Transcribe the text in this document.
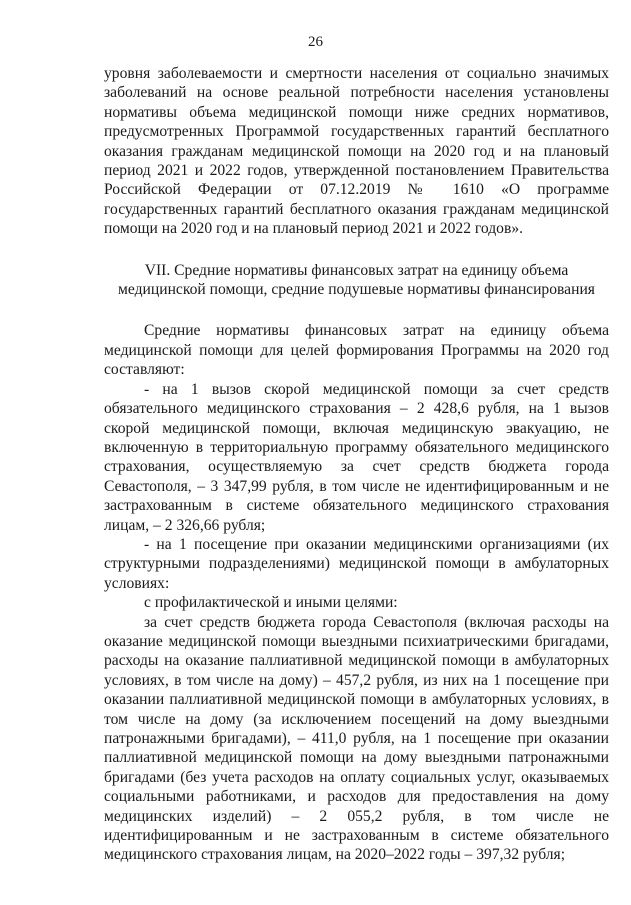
26

уровня заболеваемости и смертности населения от социально значимых заболеваний на основе реальной потребности населения установлены нормативы объема медицинской помощи ниже средних нормативов, предусмотренных Программой государственных гарантий бесплатного оказания гражданам медицинской помощи на 2020 год и на плановый период 2021 и 2022 годов, утвержденной постановлением Правительства Российской Федерации от 07.12.2019 № 1610 «О программе государственных гарантий бесплатного оказания гражданам медицинской помощи на 2020 год и на плановый период 2021 и 2022 годов».

VII. Средние нормативы финансовых затрат на единицу объема медицинской помощи, средние подушевые нормативы финансирования

Средние нормативы финансовых затрат на единицу объема медицинской помощи для целей формирования Программы на 2020 год составляют:

- на 1 вызов скорой медицинской помощи за счет средств обязательного медицинского страхования – 2 428,6 рубля, на 1 вызов скорой медицинской помощи, включая медицинскую эвакуацию, не включенную в территориальную программу обязательного медицинского страхования, осуществляемую за счет средств бюджета города Севастополя, – 3 347,99 рубля, в том числе не идентифицированным и не застрахованным в системе обязательного медицинского страхования лицам, – 2 326,66 рубля;

- на 1 посещение при оказании медицинскими организациями (их структурными подразделениями) медицинской помощи в амбулаторных условиях:

с профилактической и иными целями:

за счет средств бюджета города Севастополя (включая расходы на оказание медицинской помощи выездными психиатрическими бригадами, расходы на оказание паллиативной медицинской помощи в амбулаторных условиях, в том числе на дому) – 457,2 рубля, из них на 1 посещение при оказании паллиативной медицинской помощи в амбулаторных условиях, в том числе на дому (за исключением посещений на дому выездными патронажными бригадами), – 411,0 рубля, на 1 посещение при оказании паллиативной медицинской помощи на дому выездными патронажными бригадами (без учета расходов на оплату социальных услуг, оказываемых социальными работниками, и расходов для предоставления на дому медицинских изделий) – 2 055,2 рубля, в том числе не идентифицированным и не застрахованным в системе обязательного медицинского страхования лицам, на 2020–2022 годы – 397,32 рубля;
